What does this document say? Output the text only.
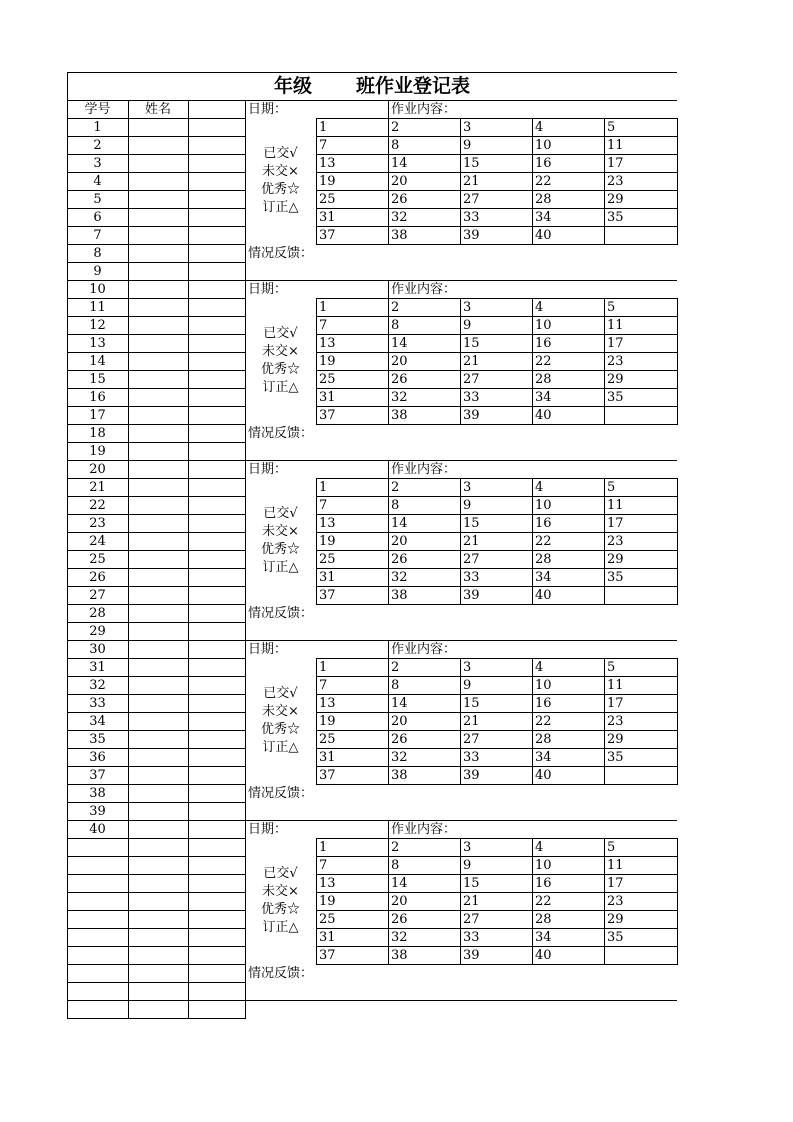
年级 班作业登记表
学号	姓名
1
2
3
4
5
6
7
8
9
10
11
12
13
14
15
16
17
18
19
20
21
22
23
24
25
26
27
28
29
30
31
32
33
34
35
36
37
38
39
40
日期：	作业内容：
1	2	3	4	5
7	8	9	10	11
13	14	15	16	17
19	20	21	22	23
25	26	27	28	29
31	32	33	34	35
37	38	39	40
已交√
未交×
优秀☆
订正△
情况反馈：
日期：	作业内容：
1	2	3	4	5
7	8	9	10	11
13	14	15	16	17
19	20	21	22	23
25	26	27	28	29
31	32	33	34	35
37	38	39	40
已交√
未交×
优秀☆
订正△
情况反馈：
日期：	作业内容：
1	2	3	4	5
7	8	9	10	11
13	14	15	16	17
19	20	21	22	23
25	26	27	28	29
31	32	33	34	35
37	38	39	40
已交√
未交×
优秀☆
订正△
情况反馈：
日期：	作业内容：
1	2	3	4	5
7	8	9	10	11
13	14	15	16	17
19	20	21	22	23
25	26	27	28	29
31	32	33	34	35
37	38	39	40
已交√
未交×
优秀☆
订正△
情况反馈：
日期：	作业内容：
1	2	3	4	5
7	8	9	10	11
13	14	15	16	17
19	20	21	22	23
25	26	27	28	29
31	32	33	34	35
37	38	39	40
已交√
未交×
优秀☆
订正△
情况反馈：
